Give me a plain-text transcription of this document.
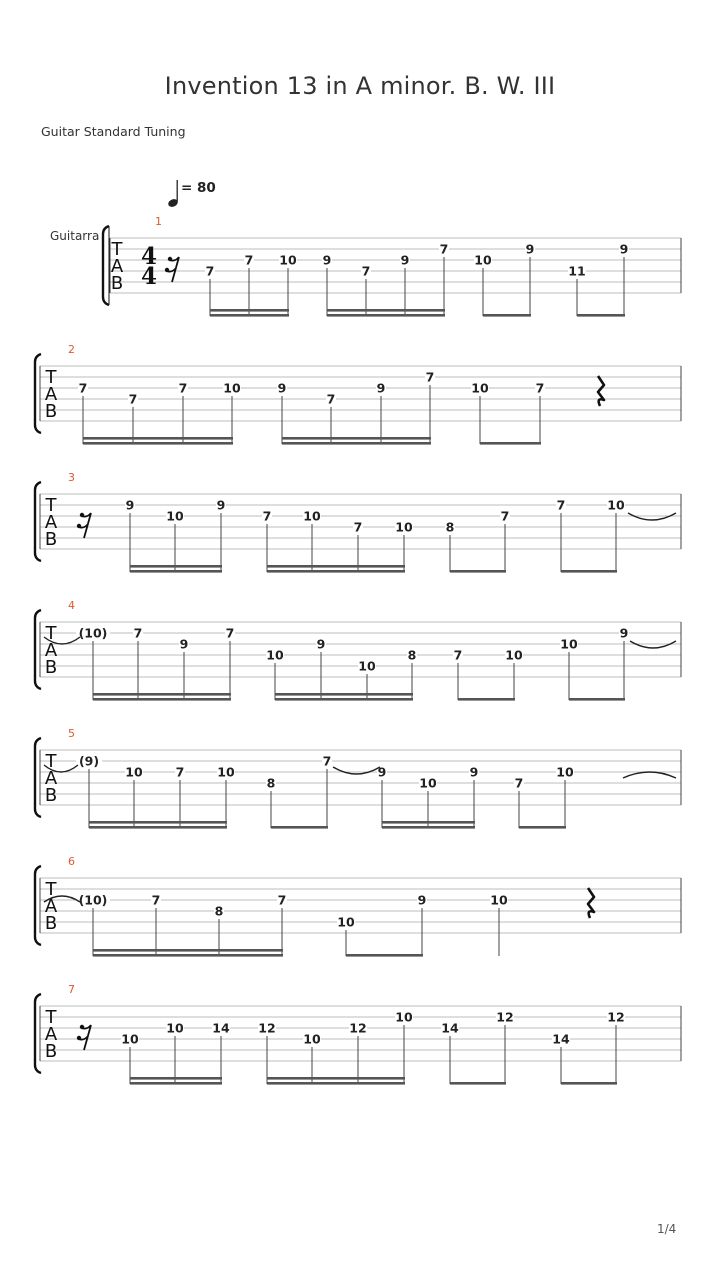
Invention 13 in A minor. B. W. III
Guitar Standard Tuning
= 80
Guitarra
T
A
B
4
4
1
7
7 10 9
7
9
7
10
9
11
9
T
A
B
2
7
7
7	10	9
7
9
7
10	7
T
A
B
3
9
10
9
7	10
7	10	8
7
7	10
T
A
B
4
(10) 7
9
7
10
9
10
8	7	10
10
9
T
A
B
5
(9)
10	7	10
8
7
9
10
9
7
10
T
A
B
6
(10)	7
8
7
10
9	10
T
A
B
7
10
10 14 12
10
12
10
14
12
14
12
1/4
